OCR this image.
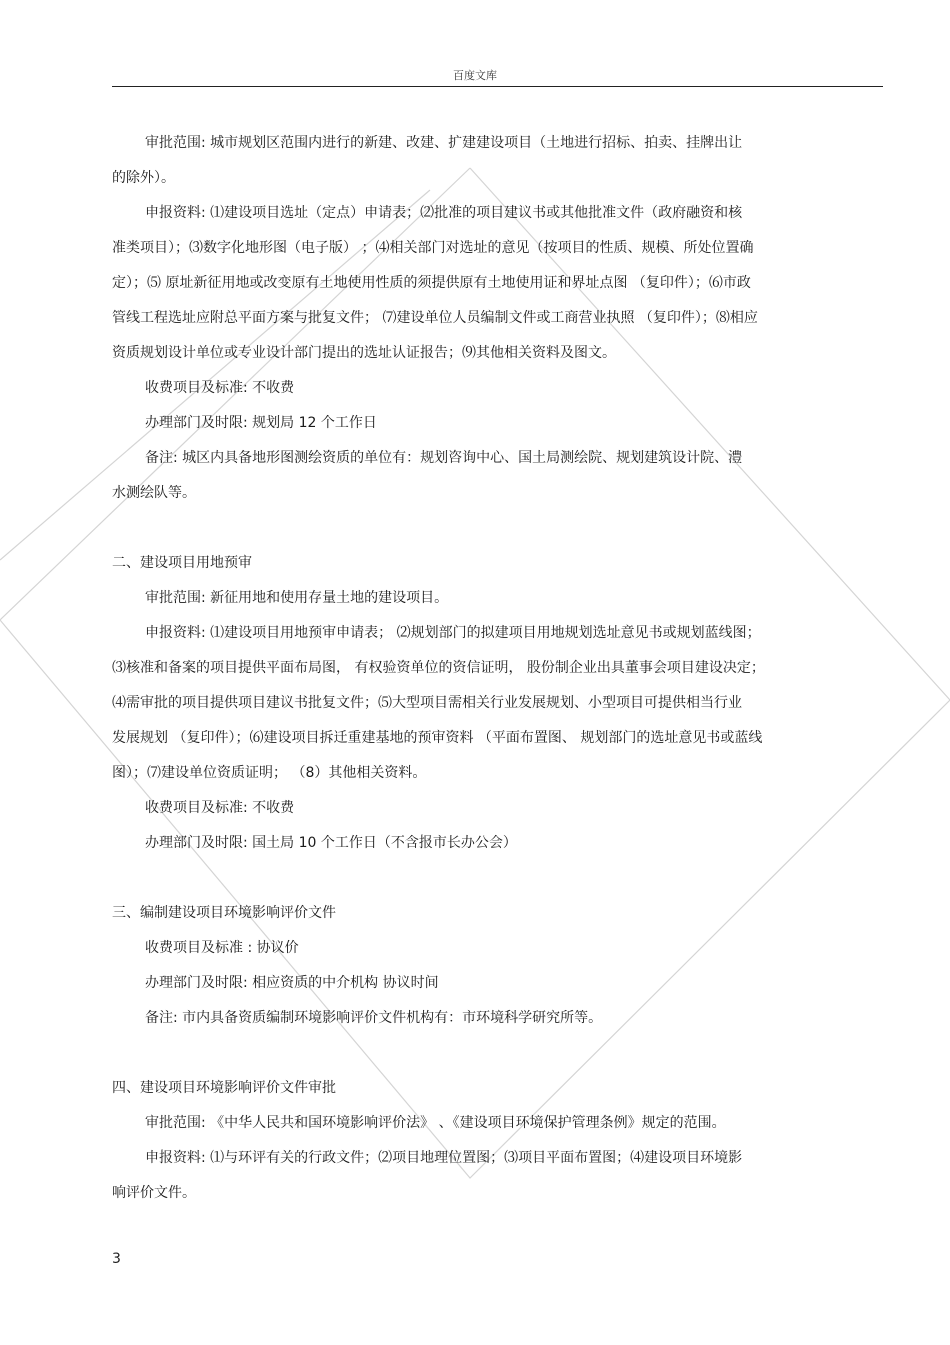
百度文库

审批范围: 城市规划区范围内进行的新建、改建、扩建建设项目（土地进行招标、拍卖、挂牌出让

的除外）。

申报资料: ⑴建设项目选址（定点）申请表；⑵批准的项目建议书或其他批准文件（政府融资和核

准类项目）；⑶数字化地形图（电子版） ；⑷相关部门对选址的意见（按项目的性质、规模、所处位置确

定）；⑸ 原址新征用地或改变原有土地使用性质的须提供原有土地使用证和界址点图 （复印件）；⑹市政

管线工程选址应附总平面方案与批复文件； ⑺建设单位人员编制文件或工商营业执照 （复印件）；⑻相应

资质规划设计单位或专业设计部门提出的选址认证报告；⑼其他相关资料及图文。

收费项目及标准: 不收费

办理部门及时限: 规划局 12 个工作日

备注: 城区内具备地形图测绘资质的单位有：规划咨询中心、国土局测绘院、规划建筑设计院、澧

水测绘队等。

二、建设项目用地预审

审批范围: 新征用地和使用存量土地的建设项目。

申报资料: ⑴建设项目用地预审申请表； ⑵规划部门的拟建项目用地规划选址意见书或规划蓝线图；

⑶核准和备案的项目提供平面布局图， 有权验资单位的资信证明， 股份制企业出具董事会项目建设决定；

⑷需审批的项目提供项目建议书批复文件；⑸大型项目需相关行业发展规划、小型项目可提供相当行业

发展规划 （复印件）；⑹建设项目拆迁重建基地的预审资料 （平面布置图、 规划部门的选址意见书或蓝线

图）；⑺建设单位资质证明； （8）其他相关资料。

收费项目及标准: 不收费

办理部门及时限: 国土局 10 个工作日（不含报市长办公会）

三、编制建设项目环境影响评价文件

收费项目及标准 : 协议价

办理部门及时限: 相应资质的中介机构 协议时间

备注: 市内具备资质编制环境影响评价文件机构有：市环境科学研究所等。

四、建设项目环境影响评价文件审批

审批范围: 《中华人民共和国环境影响评价法》 、《建设项目环境保护管理条例》规定的范围。

申报资料: ⑴与环评有关的行政文件；⑵项目地理位置图；⑶项目平面布置图；⑷建设项目环境影

响评价文件。

3
